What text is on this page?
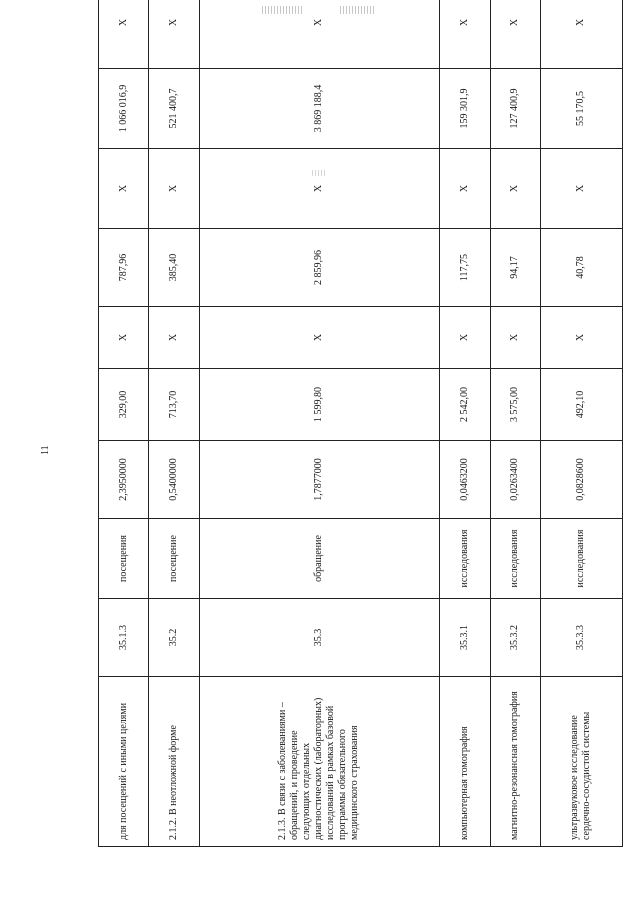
11
для посещений с иными целями	35.1.3	посещения	2,3950000	329,00	X	787,96	X	1 066 016,9	X
2.1.2. В неотложной форме	35.2	посещение	0,5400000	713,70	X	385,40	X	521 400,7	X
2.1.3. В связи с заболеваниями – обращений, и проведение следующих отдельных диагностических (лабораторных) исследований в рамках базовой программы обязательного медицинского страхования	35.3	обращение	1,7877000	1 599,80	X	2 859,96	X	3 869 188,4	X
компьютерная томография	35.3.1	исследования	0,0463200	2 542,00	X	117,75	X	159 301,9	X
магнитно-резонансная томография	35.3.2	исследования	0,0263400	3 575,00	X	94,17	X	127 400,9	X
ультразвуковое исследование сердечно-сосудистой системы	35.3.3	исследования	0,0828600	492,10	X	40,78	X	55 170,5	X
